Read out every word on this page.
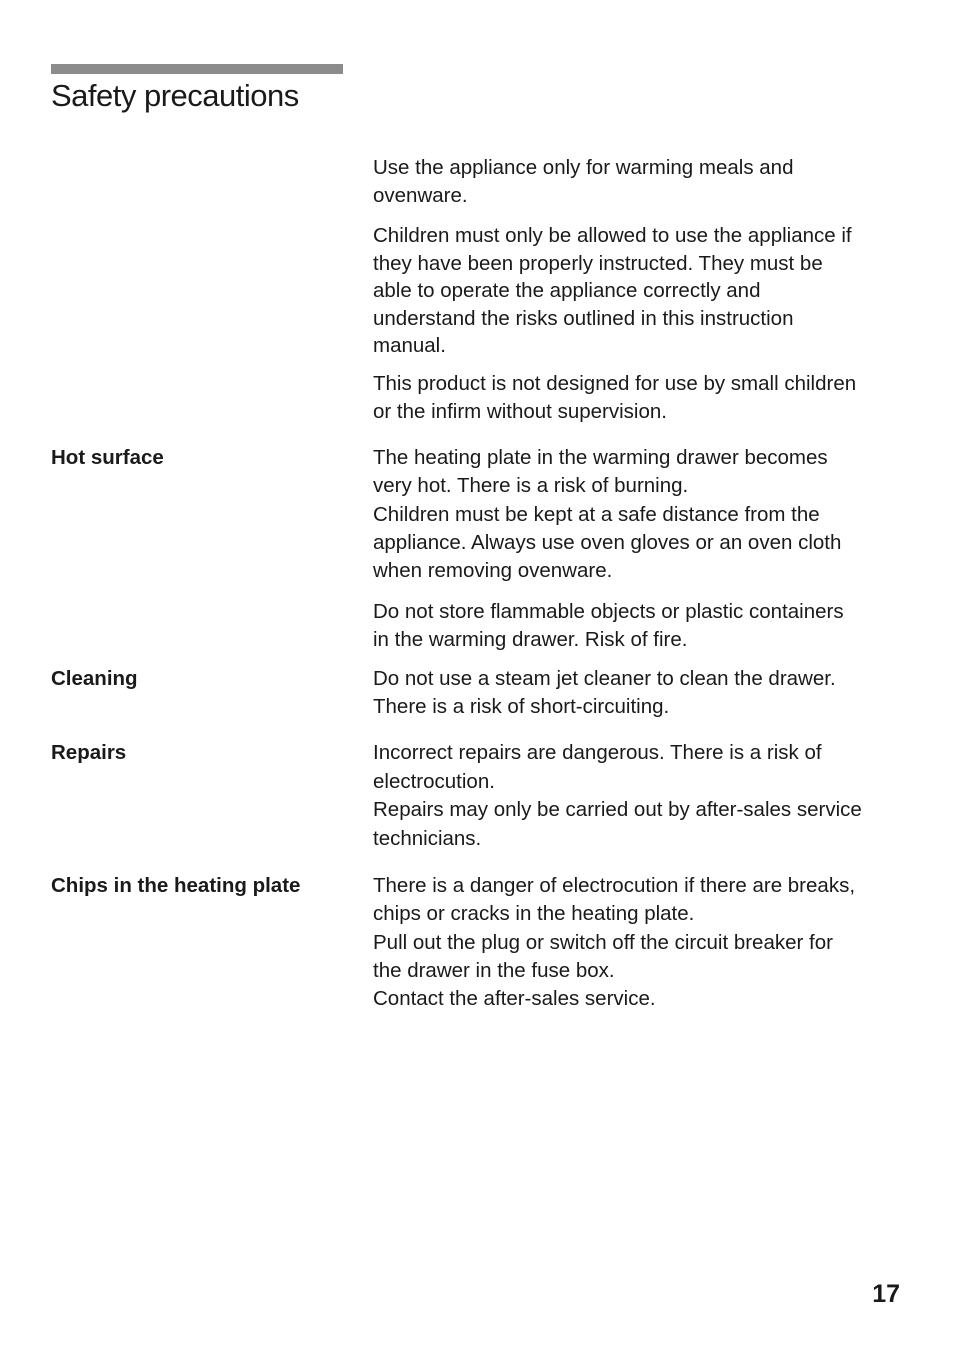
Safety precautions

Use the appliance only for warming meals and
ovenware.

Children must only be allowed to use the appliance if
they have been properly instructed. They must be
able to operate the appliance correctly and
understand the risks outlined in this instruction
manual.

This product is not designed for use by small children
or the infirm without supervision.

Hot surface	The heating plate in the warming drawer becomes
very hot. There is a risk of burning.
Children must be kept at a safe distance from the
appliance. Always use oven gloves or an oven cloth
when removing ovenware.

Do not store flammable objects or plastic containers
in the warming drawer. Risk of fire.

Cleaning	Do not use a steam jet cleaner to clean the drawer.
There is a risk of short-circuiting.

Repairs	Incorrect repairs are dangerous. There is a risk of
electrocution.
Repairs may only be carried out by after-sales service
technicians.

Chips in the heating plate	There is a danger of electrocution if there are breaks,
chips or cracks in the heating plate.
Pull out the plug or switch off the circuit breaker for
the drawer in the fuse box.
Contact the after-sales service.

17
